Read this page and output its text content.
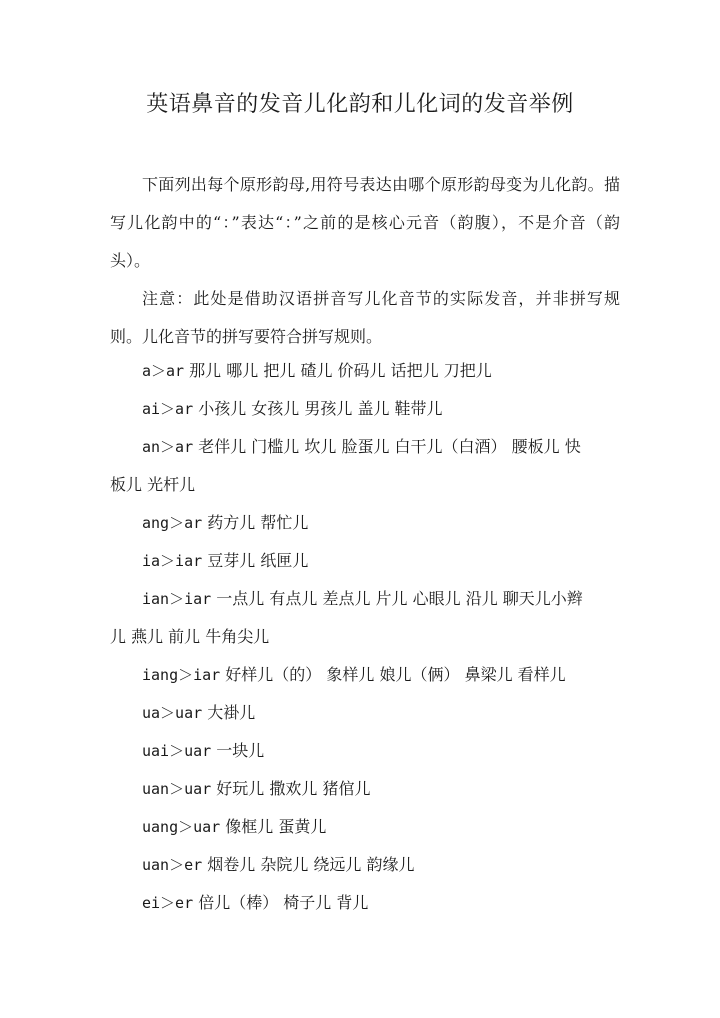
英语鼻音的发音儿化韵和儿化词的发音举例

下面列出每个原形韵母,用符号表达由哪个原形韵母变为儿化韵。描写儿化韵中的“：”表达“：”之前的是核心元音（韵腹），不是介音（韵头）。

注意：此处是借助汉语拼音写儿化音节的实际发音，并非拼写规则。儿化音节的拼写要符合拼写规则。

a＞ar 那儿 哪儿 把儿 碴儿 价码儿 话把儿 刀把儿
ai＞ar 小孩儿 女孩儿 男孩儿 盖儿 鞋带儿
an＞ar 老伴儿 门槛儿 坎儿 脸蛋儿 白干儿（白酒） 腰板儿 快
板儿 光杆儿
ang＞ar 药方儿 帮忙儿
ia＞iar 豆芽儿 纸匣儿
ian＞iar 一点儿 有点儿 差点儿 片儿 心眼儿 沿儿 聊天儿小辫
儿 燕儿 前儿 牛角尖儿
iang＞iar 好样儿（的） 象样儿 娘儿（俩） 鼻梁儿 看样儿
ua＞uar 大褂儿
uai＞uar 一块儿
uan＞uar 好玩儿 撒欢儿 猪倌儿
uang＞uar 像框儿 蛋黄儿
uan＞er 烟卷儿 杂院儿 绕远儿 韵缘儿
ei＞er 倍儿（棒） 椅子儿 背儿
